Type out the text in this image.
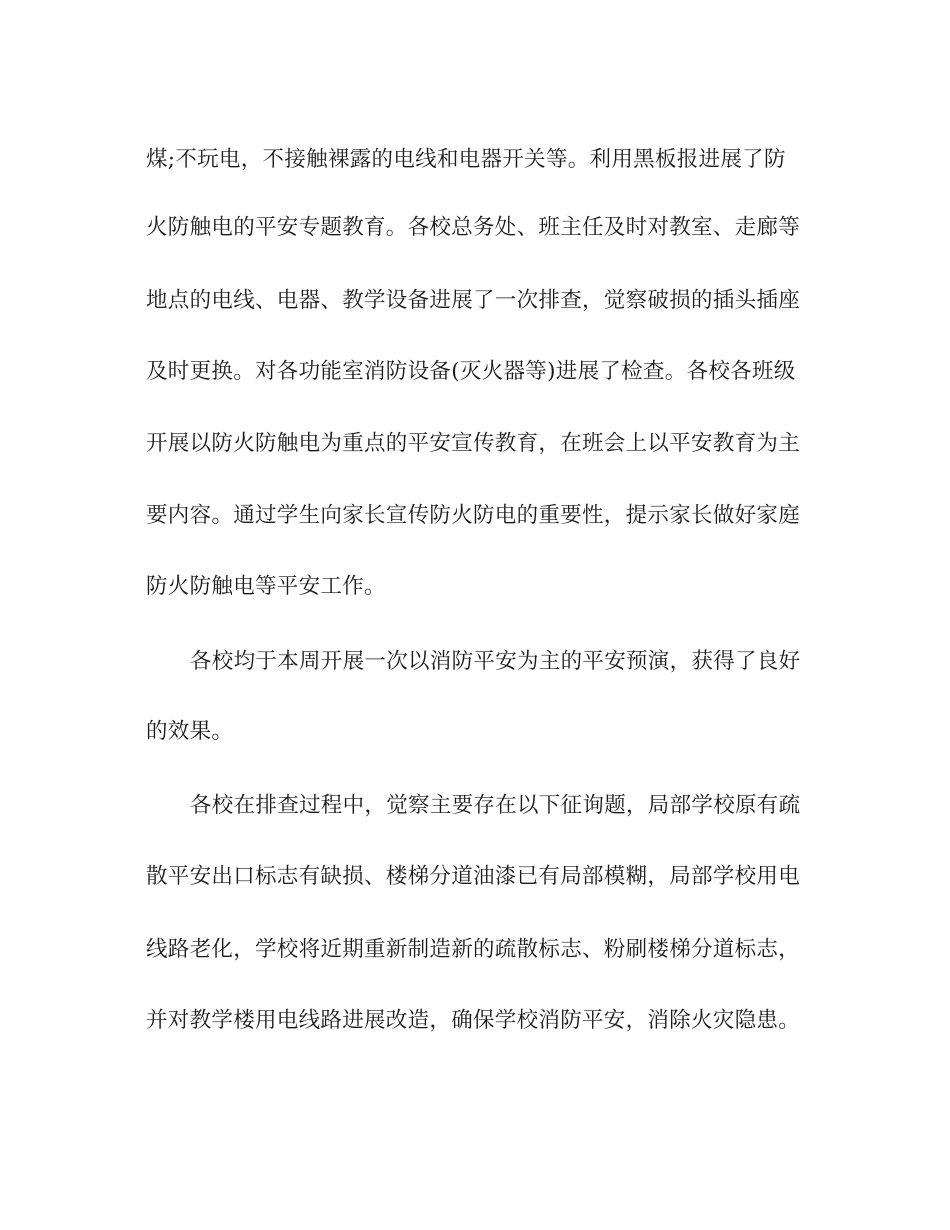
煤;不玩电，不接触裸露的电线和电器开关等。利用黑板报进展了防
火防触电的平安专题教育。各校总务处、班主任及时对教室、走廊等
地点的电线、电器、教学设备进展了一次排查，觉察破损的插头插座
及时更换。对各功能室消防设备(灭火器等)进展了检查。各校各班级
开展以防火防触电为重点的平安宣传教育，在班会上以平安教育为主
要内容。通过学生向家长宣传防火防电的重要性，提示家长做好家庭
防火防触电等平安工作。
各校均于本周开展一次以消防平安为主的平安预演，获得了良好
的效果。
各校在排查过程中，觉察主要存在以下征询题，局部学校原有疏
散平安出口标志有缺损、楼梯分道油漆已有局部模糊，局部学校用电
线路老化，学校将近期重新制造新的疏散标志、粉刷楼梯分道标志，
并对教学楼用电线路进展改造，确保学校消防平安，消除火灾隐患。
